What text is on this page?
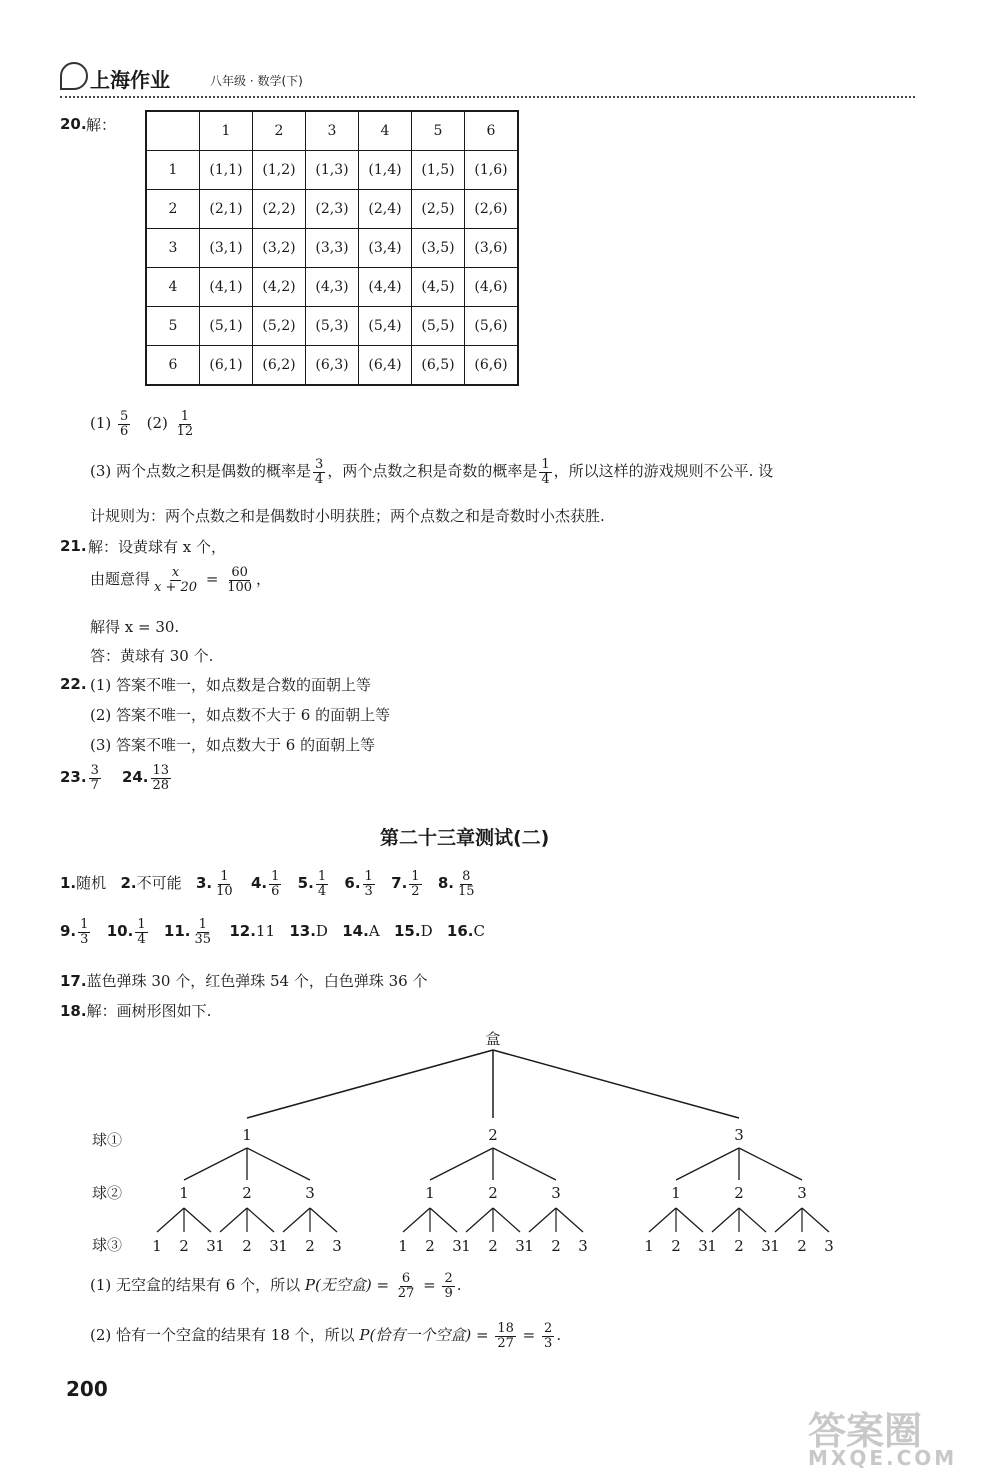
上海作业	八年级 · 数学(下)
20. 解：
		1	2	3	4	5	6
1	(1,1)	(1,2)	(1,3)	(1,4)	(1,5)	(1,6)
2	(2,1)	(2,2)	(2,3)	(2,4)	(2,5)	(2,6)
3	(3,1)	(3,2)	(3,3)	(3,4)	(3,5)	(3,6)
4	(4,1)	(4,2)	(4,3)	(4,4)	(4,5)	(4,6)
5	(5,1)	(5,2)	(5,3)	(5,4)	(5,5)	(5,6)
6	(6,1)	(6,2)	(6,3)	(6,4)	(6,5)	(6,6)
$(1) \frac{5}{6} (2) \frac{1}{12}$
(3) 两个点数之积是偶数的概率是 $\frac{3}{4}$ ，两个点数之积是奇数的概率是 $\frac{1}{4}$ ，所以这样的游戏规则不公平. 设
计规则为：两个点数之和是偶数时小明获胜；两个点数之和是奇数时小杰获胜.
21. 解：设黄球有 x 个，
由题意得 $\frac{x}{x + 20} = \frac{60}{100}$ ，
解得 x = 30.
答：黄球有 30 个.
22. (1) 答案不唯一，如点数是合数的面朝上等
(2) 答案不唯一，如点数不大于 6 的面朝上等
(3) 答案不唯一，如点数大于 6 的面朝上等
23. $\frac{3}{7} 24$. $\frac{13}{28}$
第二十三章测试(二)
1.随机 2.不可能 3. $\frac{1}{10} 4$. $\frac{1}{6} 5$. $\frac{1}{4} 6$. $\frac{1}{3} 7$. $\frac{1}{2} 8$. $\frac{8}{15}$
9. $\frac{1}{3} 10$. $\frac{1}{4} 11$. $\frac{1}{35} 12.11$ 13.D 14.A 15.D 16.C
17.蓝色弹珠 30 个，红色弹珠 54 个，白色弹珠 36 个
18.解：画树形图如下.
球①
球②
球③
盒
1	2	3
1	2	3	1	2	3	1	2	3
1 2 3 1 2 3 1 2 3	1 2 3 1 2 3 1 2 3	1 2 3 1 2 3 1 2 3
(1) 无空盒的结果有 6 个，所以 P(无空盒) = $\frac{6}{27} = \frac{2}{9}$ .
(2) 恰有一个空盒的结果有 18 个，所以 P(恰有一个空盒) = $\frac{18}{27} = \frac{2}{3}$ .
200
答案圈
MXQE.COM
